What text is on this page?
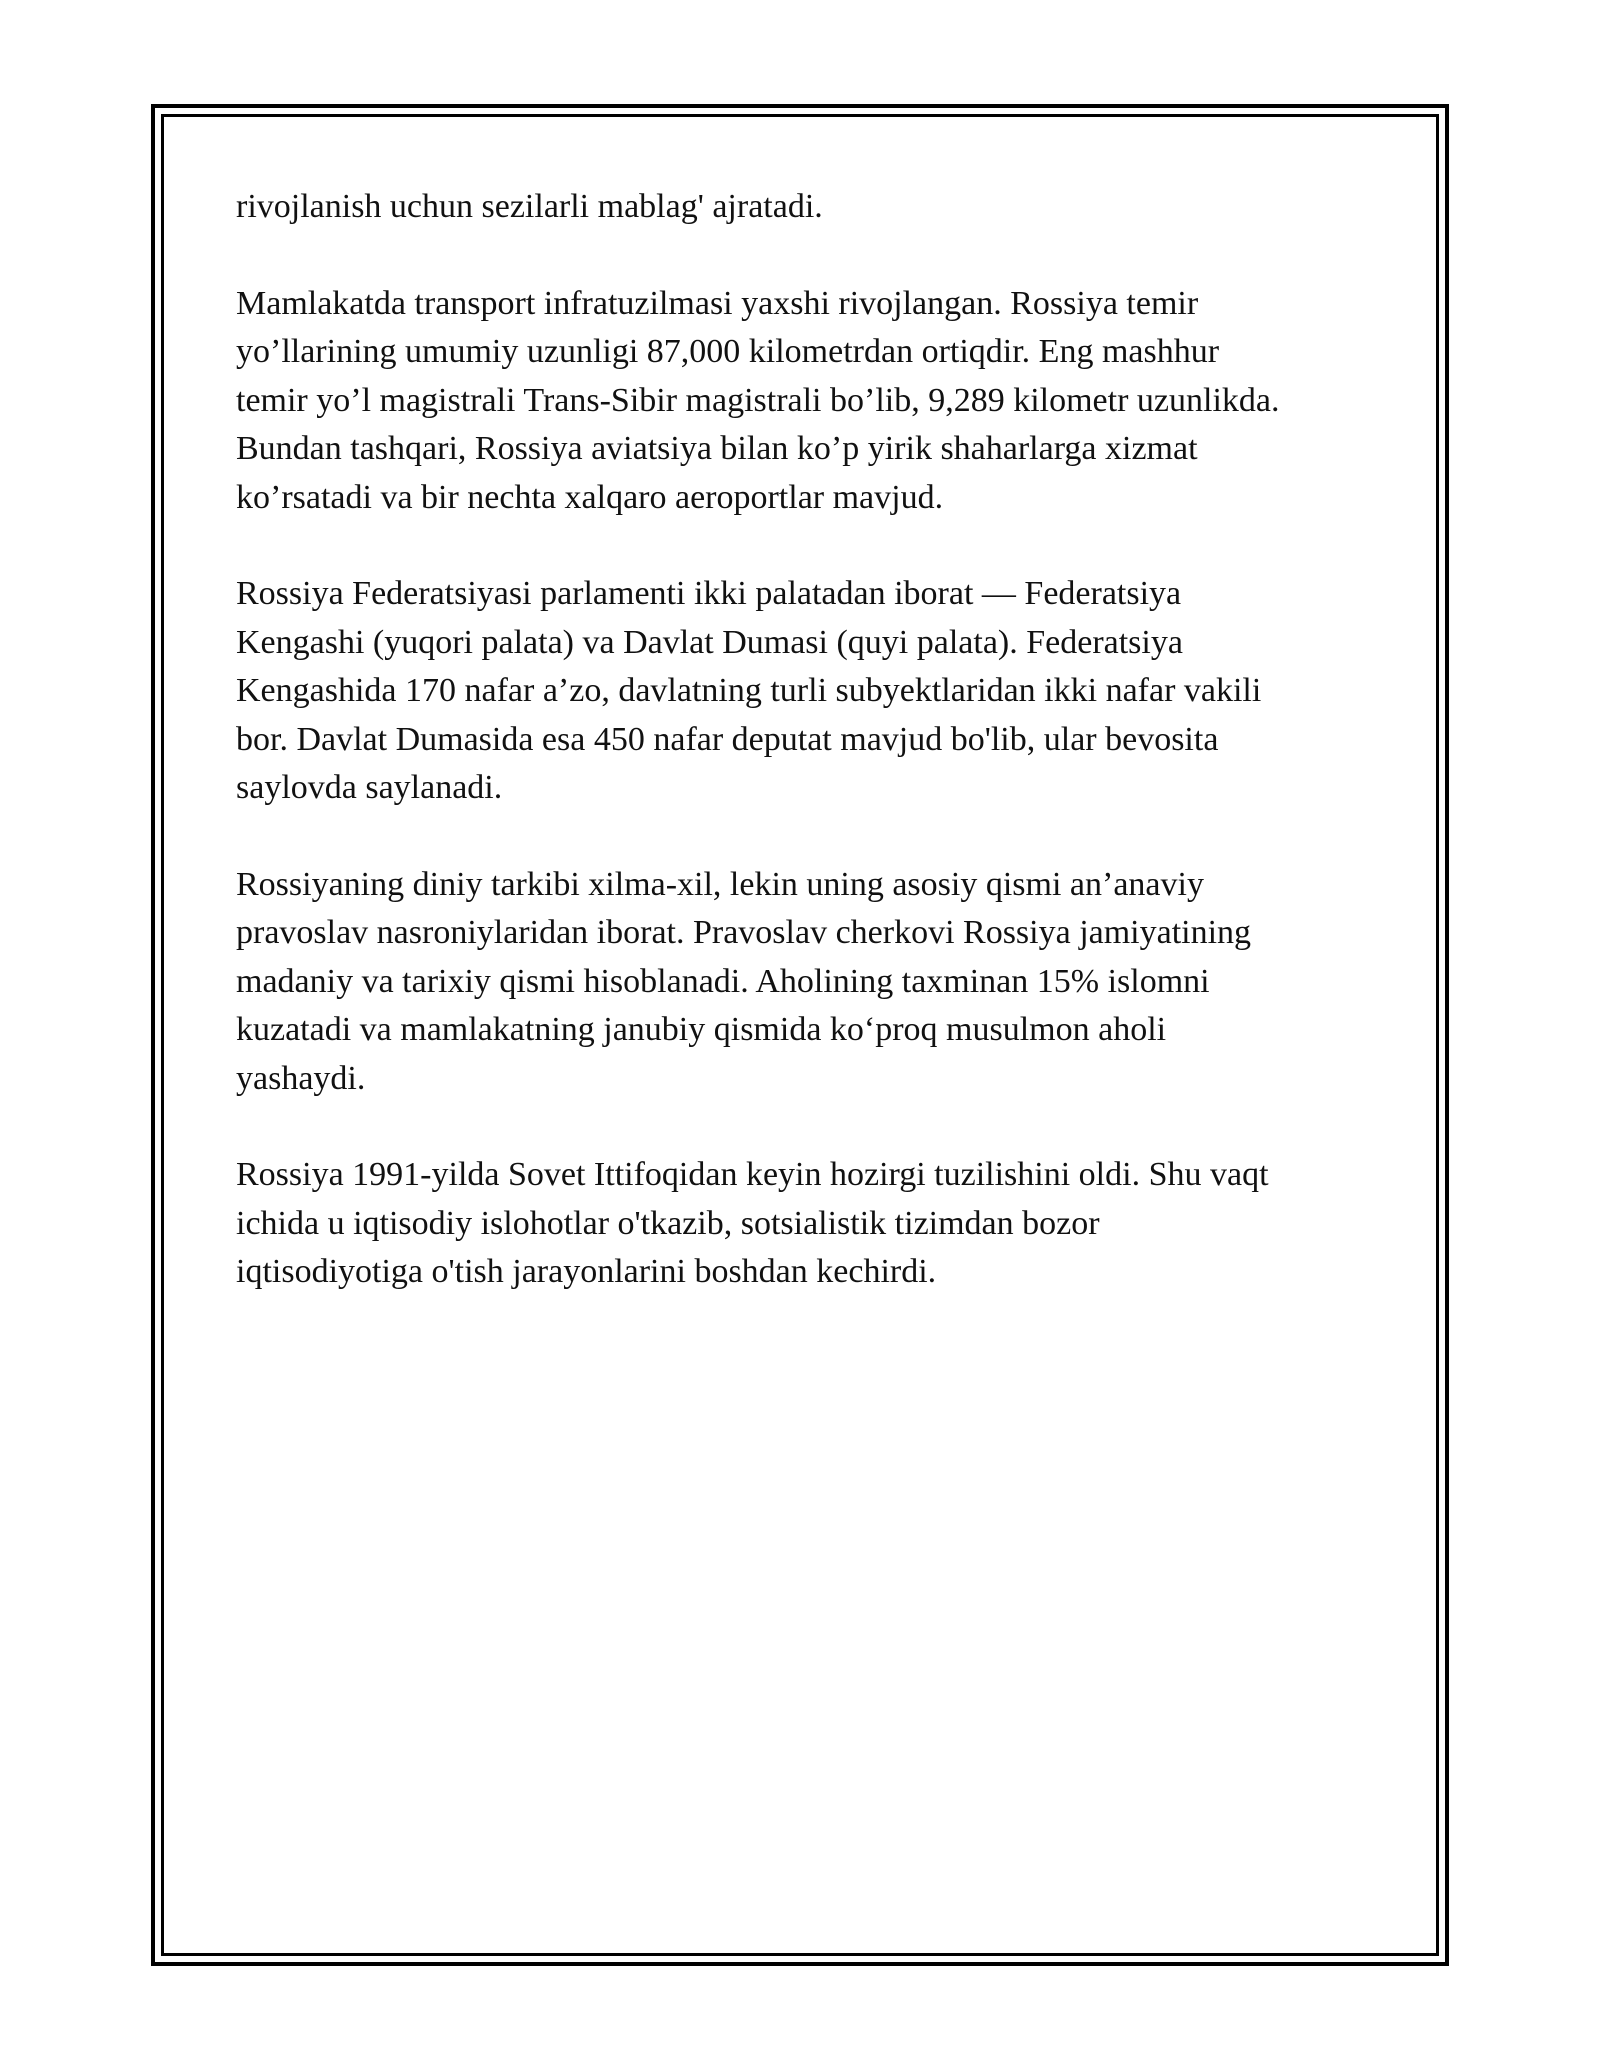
rivojlanish uchun sezilarli mablag' ajratadi.

Mamlakatda transport infratuzilmasi yaxshi rivojlangan. Rossiya temir
yo’llarining umumiy uzunligi 87,000 kilometrdan ortiqdir. Eng mashhur
temir yo’l magistrali Trans-Sibir magistrali bo’lib, 9,289 kilometr uzunlikda.
Bundan tashqari, Rossiya aviatsiya bilan ko’p yirik shaharlarga xizmat
ko’rsatadi va bir nechta xalqaro aeroportlar mavjud.

Rossiya Federatsiyasi parlamenti ikki palatadan iborat — Federatsiya
Kengashi (yuqori palata) va Davlat Dumasi (quyi palata). Federatsiya
Kengashida 170 nafar a’zo, davlatning turli subyektlaridan ikki nafar vakili
bor. Davlat Dumasida esa 450 nafar deputat mavjud bo'lib, ular bevosita
saylovda saylanadi.

Rossiyaning diniy tarkibi xilma-xil, lekin uning asosiy qismi an’anaviy
pravoslav nasroniylaridan iborat. Pravoslav cherkovi Rossiya jamiyatining
madaniy va tarixiy qismi hisoblanadi. Aholining taxminan 15% islomni
kuzatadi va mamlakatning janubiy qismida ko‘proq musulmon aholi
yashaydi.

Rossiya 1991-yilda Sovet Ittifoqidan keyin hozirgi tuzilishini oldi. Shu vaqt
ichida u iqtisodiy islohotlar o'tkazib, sotsialistik tizimdan bozor
iqtisodiyotiga o'tish jarayonlarini boshdan kechirdi.
